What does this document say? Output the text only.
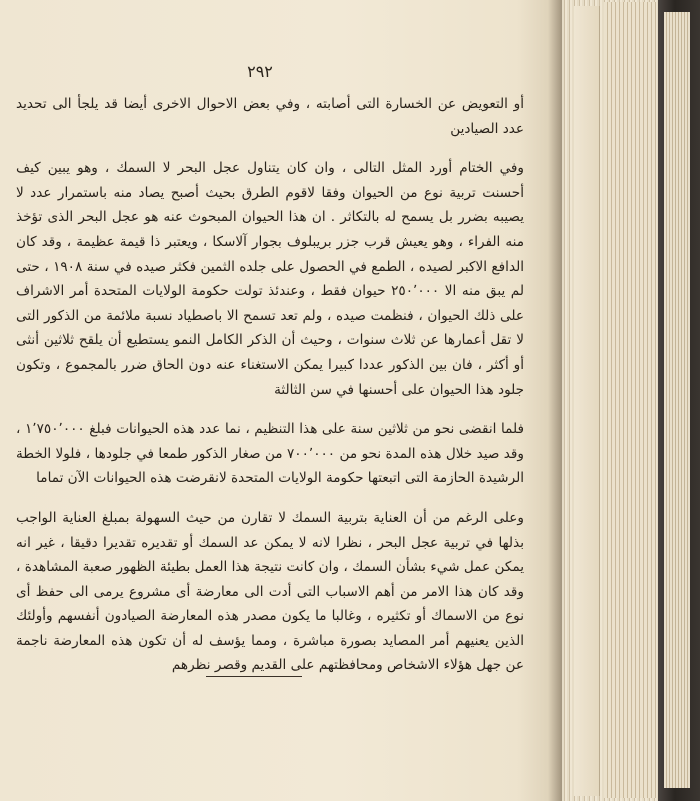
٢٩٢

أو التعويض عن الخسارة التى أصابته ، وفي بعض الاحوال الاخرى أيضا قد يلجأ الى تحديد عدد الصيادين

وفي الختام أورد المثل التالى ، وان كان يتناول عجل البحر لا السمك ، وهو يبين كيف أحسنت تربية نوع من الحيوان وفقا لاقوم الطرق بحيث أصبح يصاد منه باستمرار عدد لا يصيبه بضرر بل يسمح له بالتكاثر . ان هذا الحيوان المبحوث عنه هو عجل البحر الذى تؤخذ منه الفراء ، وهو يعيش قرب جزر بريبلوف بجوار آلاسكا ، ويعتبر ذا قيمة عظيمة ، وقد كان الدافع الاكبر لصيده ، الطمع في الحصول على جلده الثمين فكثر صيده في سنة ١٩٠٨ ، حتى لم يبق منه الا ٢٥٠٬٠٠٠ حيوان فقط ، وعندئذ تولت حكومة الولايات المتحدة أمر الاشراف على ذلك الحيوان ، فنظمت صيده ، ولم تعد تسمح الا باصطياد نسبة ملائمة من الذكور التى لا تقل أعمارها عن ثلاث سنوات ، وحيث أن الذكر الكامل النمو يستطيع أن يلقح ثلاثين أنثى أو أكثر ، فان بين الذكور عددا كبيرا يمكن الاستغناء عنه دون الحاق ضرر بالمجموع ، وتكون جلود هذا الحيوان على أحسنها في سن الثالثة

فلما انقضى نحو من ثلاثين سنة على هذا التنظيم ، نما عدد هذه الحيوانات فبلغ ١٬٧٥٠٬٠٠٠ ، وقد صيد خلال هذه المدة نحو من ٧٠٠٬٠٠٠ من صغار الذكور طمعا في جلودها ، فلولا الخطة الرشيدة الحازمة التى اتبعتها حكومة الولايات المتحدة لانقرضت هذه الحيوانات الآن تماما

وعلى الرغم من أن العناية بتربية السمك لا تقارن من حيث السهولة بمبلغ العناية الواجب بذلها في تربية عجل البحر ، نظرا لانه لا يمكن عد السمك أو تقديره تقديرا دقيقا ، غير انه يمكن عمل شيء بشأن السمك ، وان كانت نتيجة هذا العمل بطيئة الظهور صعبة المشاهدة ، وقد كان هذا الامر من أهم الاسباب التى أدت الى معارضة أى مشروع يرمى الى حفظ أى نوع من الاسماك أو تكثيره ، وغالبا ما يكون مصدر هذه المعارضة الصيادون أنفسهم وأولئك الذين يعنيهم أمر المصايد بصورة مباشرة ، ومما يؤسف له أن تكون هذه المعارضة ناجمة عن جهل هؤلاء الاشخاص ومحافظتهم على القديم وقصر نظرهم
